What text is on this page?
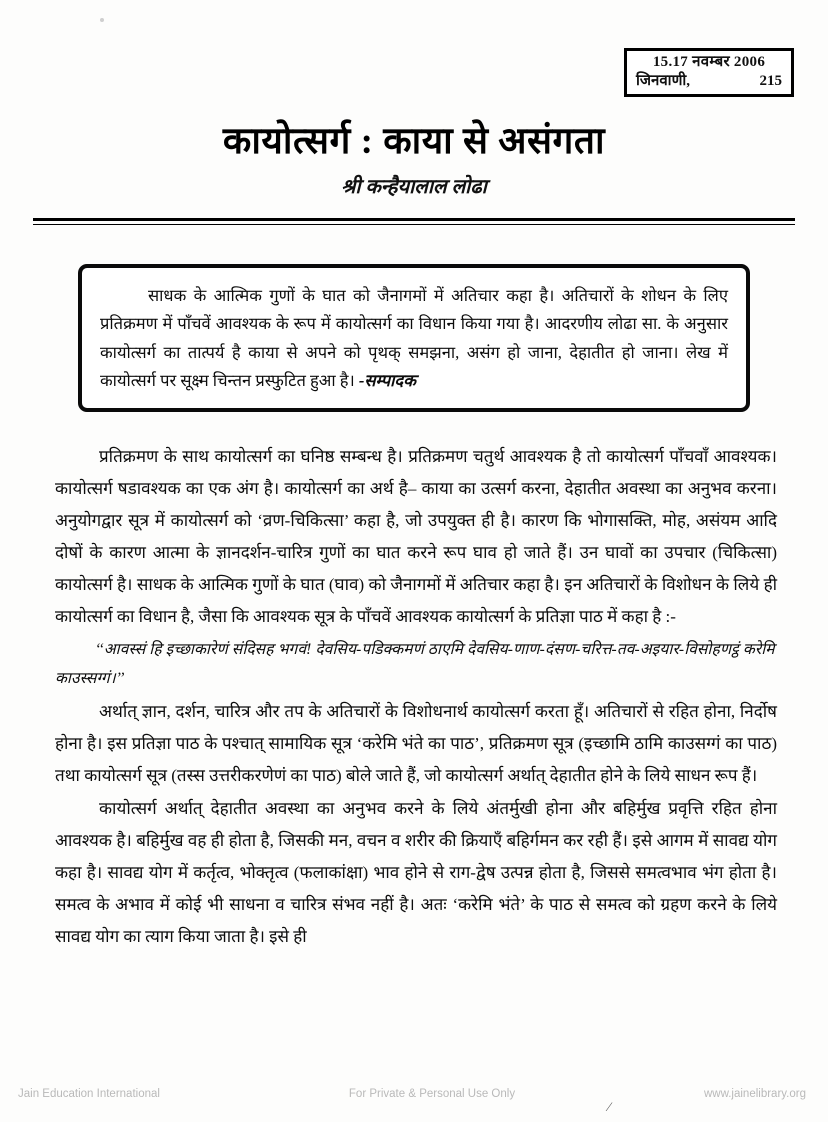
15.17 नवम्बर 2006
जिनवाणी,	215
कायोत्सर्ग : काया से असंगता
श्री कन्हैयालाल लोढा

साधक के आत्मिक गुणों के घात को जैनागमों में अतिचार कहा है। अतिचारों के शोधन के लिए प्रतिक्रमण में पाँचवें आवश्यक के रूप में कायोत्सर्ग का विधान किया गया है। आदरणीय लोढा सा. के अनुसार कायोत्सर्ग का तात्पर्य है काया से अपने को पृथक् समझना, असंग हो जाना, देहातीत हो जाना। लेख में कायोत्सर्ग पर सूक्ष्म चिन्तन प्रस्फुटित हुआ है। -सम्पादक

प्रतिक्रमण के साथ कायोत्सर्ग का घनिष्ठ सम्बन्ध है। प्रतिक्रमण चतुर्थ आवश्यक है तो कायोत्सर्ग पाँचवाँ आवश्यक। कायोत्सर्ग षडावश्यक का एक अंग है। कायोत्सर्ग का अर्थ है– काया का उत्सर्ग करना, देहातीत अवस्था का अनुभव करना। अनुयोगद्वार सूत्र में कायोत्सर्ग को ‘व्रण-चिकित्सा’ कहा है, जो उपयुक्त ही है। कारण कि भोगासक्ति, मोह, असंयम आदि दोषों के कारण आत्मा के ज्ञानदर्शन-चारित्र गुणों का घात करने रूप घाव हो जाते हैं। उन घावों का उपचार (चिकित्सा) कायोत्सर्ग है। साधक के आत्मिक गुणों के घात (घाव) को जैनागमों में अतिचार कहा है। इन अतिचारों के विशोधन के लिये ही कायोत्सर्ग का विधान है, जैसा कि आवश्यक सूत्र के पाँचवें आवश्यक कायोत्सर्ग के प्रतिज्ञा पाठ में कहा है :-

‘‘आवस्सं हि इच्छाकारेणं संदिसह भगवं! देवसिय-पडिक्कमणं ठाएमि देवसिय-णाण-दंसण-चरित्त-तव-अइयार-विसोहणट्ठं करेमि काउस्सग्गं।’’

अर्थात् ज्ञान, दर्शन, चारित्र और तप के अतिचारों के विशोधनार्थ कायोत्सर्ग करता हूँ। अतिचारों से रहित होना, निर्दोष होना है। इस प्रतिज्ञा पाठ के पश्चात् सामायिक सूत्र ‘करेमि भंते का पाठ’, प्रतिक्रमण सूत्र (इच्छामि ठामि काउसग्गं का पाठ) तथा कायोत्सर्ग सूत्र (तस्स उत्तरीकरणेणं का पाठ) बोले जाते हैं, जो कायोत्सर्ग अर्थात् देहातीत होने के लिये साधन रूप हैं।

कायोत्सर्ग अर्थात् देहातीत अवस्था का अनुभव करने के लिये अंतर्मुखी होना और बहिर्मुख प्रवृत्ति रहित होना आवश्यक है। बहिर्मुख वह ही होता है, जिसकी मन, वचन व शरीर की क्रियाएँ बहिर्गमन कर रही हैं। इसे आगम में सावद्य योग कहा है। सावद्य योग में कर्तृत्व, भोक्तृत्व (फलाकांक्षा) भाव होने से राग-द्वेष उत्पन्न होता है, जिससे समत्वभाव भंग होता है। समत्व के अभाव में कोई भी साधना व चारित्र संभव नहीं है। अतः ‘करेमि भंते’ के पाठ से समत्व को ग्रहण करने के लिये सावद्य योग का त्याग किया जाता है। इसे ही

Jain Education International	For Private & Personal Use Only	www.jainelibrary.org
⁄
